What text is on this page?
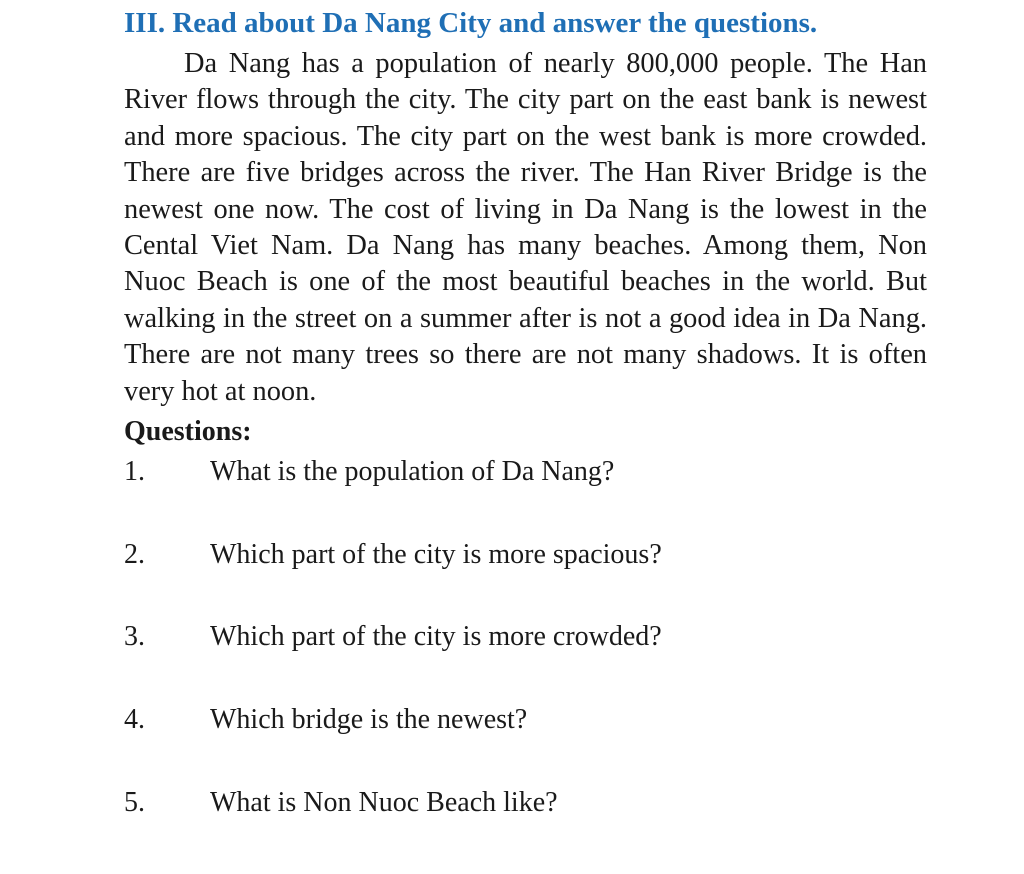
III. Read about Da Nang City and answer the questions.

Da Nang has a population of nearly 800,000 people. The Han River flows through the city. The city part on the east bank is newest and more spacious. The city part on the west bank is more crowded. There are five bridges across the river. The Han River Bridge is the newest one now. The cost of living in Da Nang is the lowest in the Cental Viet Nam. Da Nang has many beaches. Among them, Non Nuoc Beach is one of the most beautiful beaches in the world. But walking in the street on a summer after is not a good idea in Da Nang. There are not many trees so there are not many shadows. It is often very hot at noon.

Questions:
1. What is the population of Da Nang?
2. Which part of the city is more spacious?
3. Which part of the city is more crowded?
4. Which bridge is the newest?
5. What is Non Nuoc Beach like?
